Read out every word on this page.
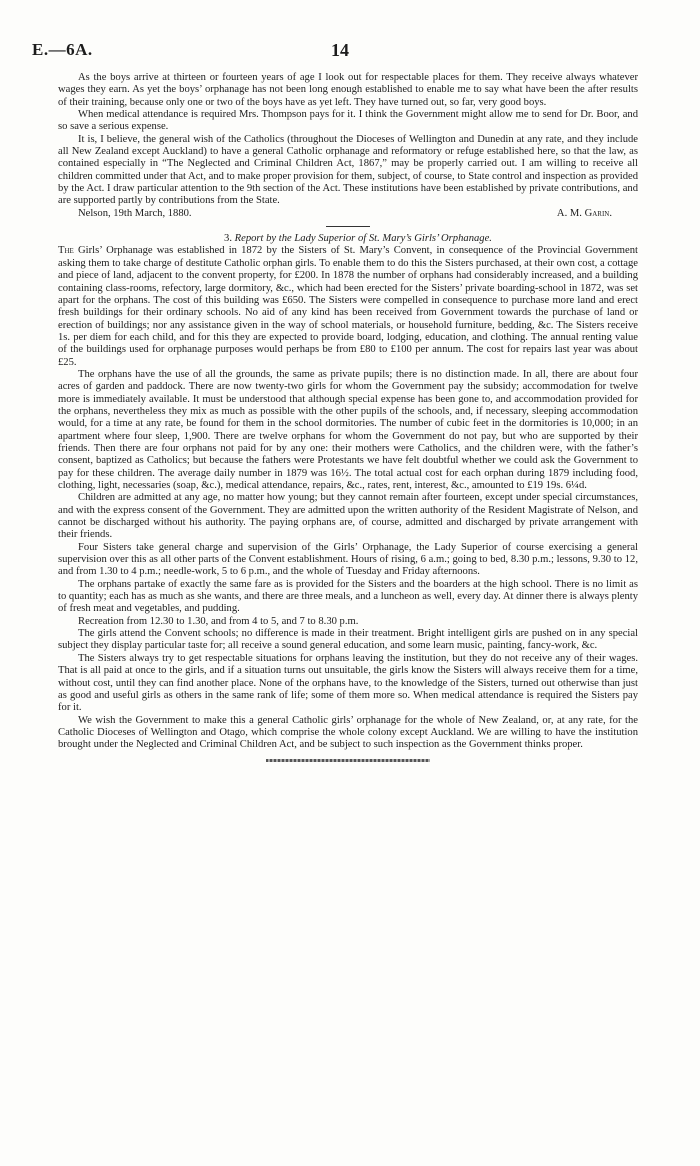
E.—6A.	14

As the boys arrive at thirteen or fourteen years of age I look out for respectable places for them. They receive always whatever wages they earn. As yet the boys’ orphanage has not been long enough established to enable me to say what have been the after results of their training, because only one or two of the boys have as yet left. They have turned out, so far, very good boys.

When medical attendance is required Mrs. Thompson pays for it. I think the Government might allow me to send for Dr. Boor, and so save a serious expense.

It is, I believe, the general wish of the Catholics (throughout the Dioceses of Wellington and Dunedin at any rate, and they include all New Zealand except Auckland) to have a general Catholic orphanage and reformatory or refuge established here, so that the law, as contained especially in “The Neglected and Criminal Children Act, 1867,” may be properly carried out. I am willing to receive all children committed under that Act, and to make proper provision for them, subject, of course, to State control and inspection as provided by the Act. I draw particular attention to the 9th section of the Act. These institutions have been established by private contributions, and are supported partly by contributions from the State.

Nelson, 19th March, 1880.	A. M. Garin.

3. Report by the Lady Superior of St. Mary’s Girls’ Orphanage.

The Girls’ Orphanage was established in 1872 by the Sisters of St. Mary’s Convent, in consequence of the Provincial Government asking them to take charge of destitute Catholic orphan girls. To enable them to do this the Sisters purchased, at their own cost, a cottage and piece of land, adjacent to the convent property, for £200. In 1878 the number of orphans had considerably increased, and a building containing class-rooms, refectory, large dormitory, &c., which had been erected for the Sisters’ private boarding-school in 1872, was set apart for the orphans. The cost of this building was £650. The Sisters were compelled in consequence to purchase more land and erect fresh buildings for their ordinary schools. No aid of any kind has been received from Government towards the purchase of land or erection of buildings; nor any assistance given in the way of school materials, or household furniture, bedding, &c. The Sisters receive 1s. per diem for each child, and for this they are expected to provide board, lodging, education, and clothing. The annual renting value of the buildings used for orphanage purposes would perhaps be from £80 to £100 per annum. The cost for repairs last year was about £25.

The orphans have the use of all the grounds, the same as private pupils; there is no distinction made. In all, there are about four acres of garden and paddock. There are now twenty-two girls for whom the Government pay the subsidy; accommodation for twelve more is immediately available. It must be understood that although special expense has been gone to, and accommodation provided for the orphans, nevertheless they mix as much as possible with the other pupils of the schools, and, if necessary, sleeping accommodation would, for a time at any rate, be found for them in the school dormitories. The number of cubic feet in the dormitories is 10,000; in an apartment where four sleep, 1,900. There are twelve orphans for whom the Government do not pay, but who are supported by their friends. Then there are four orphans not paid for by any one: their mothers were Catholics, and the children were, with the father’s consent, baptized as Catholics; but because the fathers were Protestants we have felt doubtful whether we could ask the Government to pay for these children. The average daily number in 1879 was 16½. The total actual cost for each orphan during 1879 including food, clothing, light, necessaries (soap, &c.), medical attendance, repairs, &c., rates, rent, interest, &c., amounted to £19 19s. 6¼d.

Children are admitted at any age, no matter how young; but they cannot remain after fourteen, except under special circumstances, and with the express consent of the Government. They are admitted upon the written authority of the Resident Magistrate of Nelson, and cannot be discharged without his authority. The paying orphans are, of course, admitted and discharged by private arrangement with their friends.

Four Sisters take general charge and supervision of the Girls’ Orphanage, the Lady Superior of course exercising a general supervision over this as all other parts of the Convent establishment. Hours of rising, 6 a.m.; going to bed, 8.30 p.m.; lessons, 9.30 to 12, and from 1.30 to 4 p.m.; needle-work, 5 to 6 p.m., and the whole of Tuesday and Friday afternoons.

The orphans partake of exactly the same fare as is provided for the Sisters and the boarders at the high school. There is no limit as to quantity; each has as much as she wants, and there are three meals, and a luncheon as well, every day. At dinner there is always plenty of fresh meat and vegetables, and pudding.

Recreation from 12.30 to 1.30, and from 4 to 5, and 7 to 8.30 p.m.

The girls attend the Convent schools; no difference is made in their treatment. Bright intelligent girls are pushed on in any special subject they display particular taste for; all receive a sound general education, and some learn music, painting, fancy-work, &c.

The Sisters always try to get respectable situations for orphans leaving the institution, but they do not receive any of their wages. That is all paid at once to the girls, and if a situation turns out unsuitable, the girls know the Sisters will always receive them for a time, without cost, until they can find another place. None of the orphans have, to the knowledge of the Sisters, turned out otherwise than just as good and useful girls as others in the same rank of life; some of them more so. When medical attendance is required the Sisters pay for it.

We wish the Government to make this a general Catholic girls’ orphanage for the whole of New Zealand, or, at any rate, for the Catholic Dioceses of Wellington and Otago, which comprise the whole colony except Auckland. We are willing to have the institution brought under the Neglected and Criminal Children Act, and be subject to such inspection as the Government thinks proper.
